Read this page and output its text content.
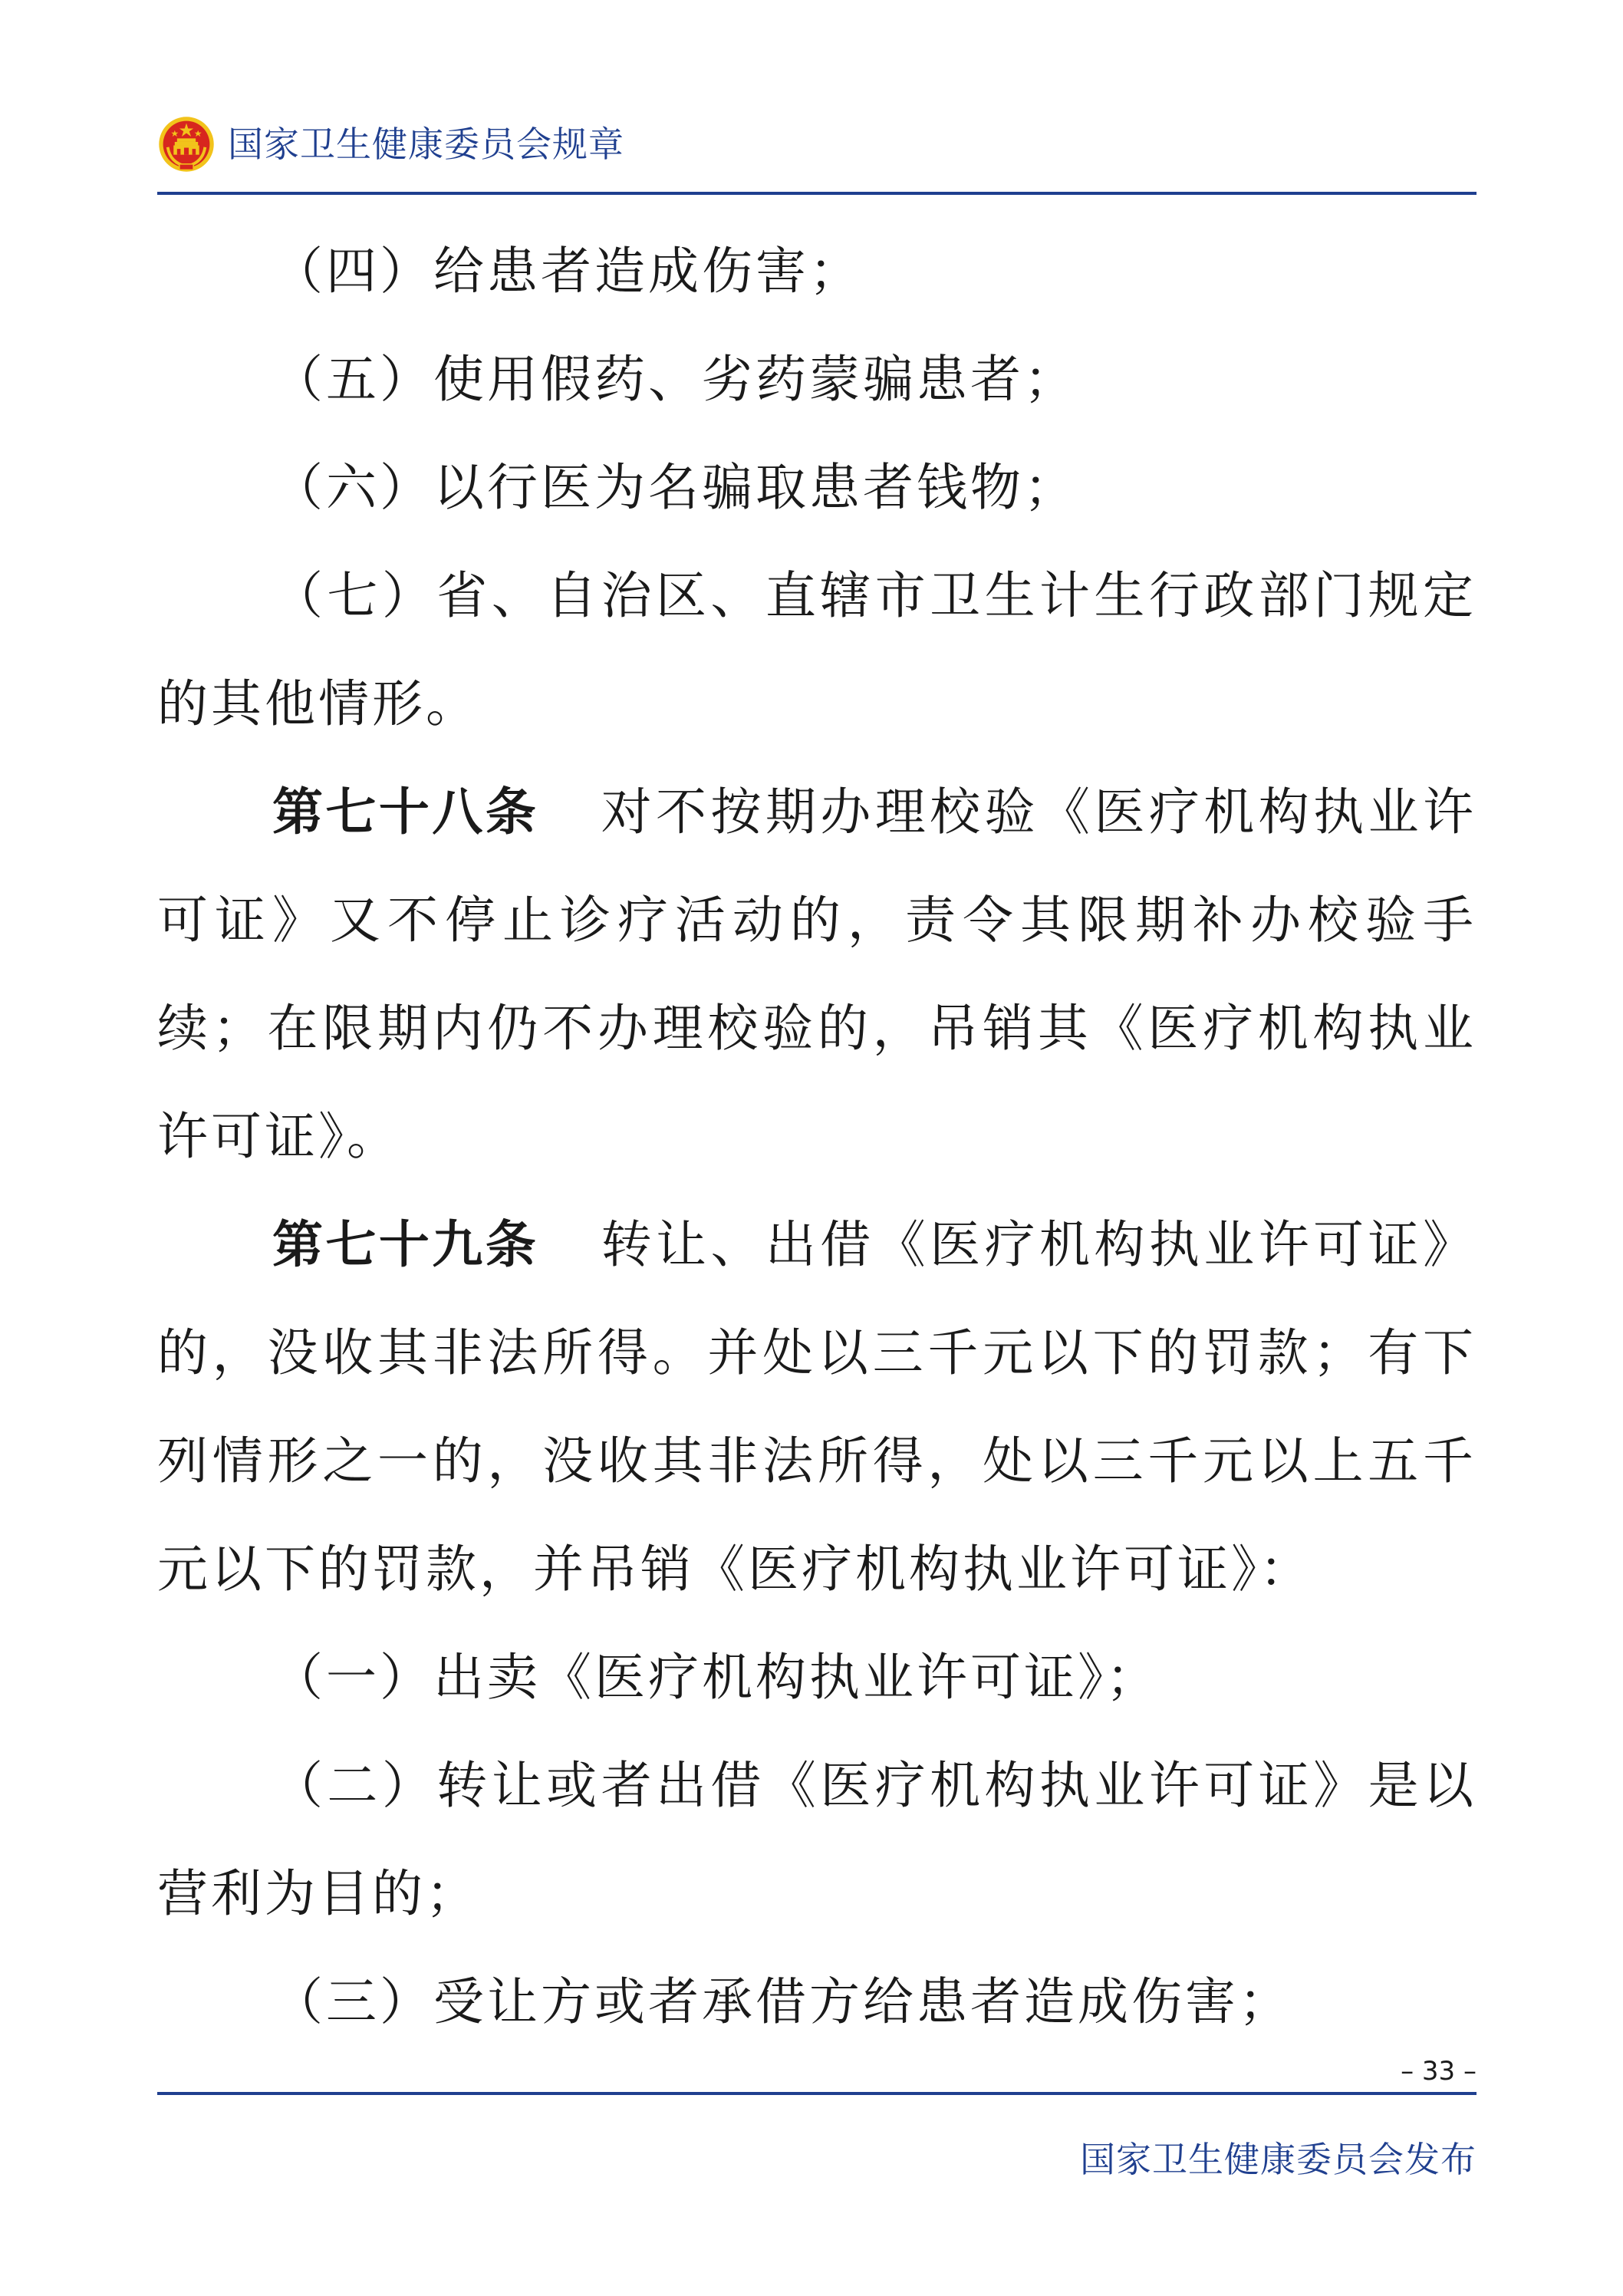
国家卫生健康委员会规章

（四）给患者造成伤害；

（五）使用假药、劣药蒙骗患者；

（六）以行医为名骗取患者钱物；

（七）省、自治区、直辖市卫生计生行政部门规定的其他情形。

第七十八条 对不按期办理校验《医疗机构执业许可证》又不停止诊疗活动的，责令其限期补办校验手续；在限期内仍不办理校验的，吊销其《医疗机构执业许可证》。

第七十九条 转让、出借《医疗机构执业许可证》的，没收其非法所得。并处以三千元以下的罚款；有下列情形之一的，没收其非法所得，处以三千元以上五千元以下的罚款，并吊销《医疗机构执业许可证》：

（一）出卖《医疗机构执业许可证》；

（二）转让或者出借《医疗机构执业许可证》是以营利为目的；

（三）受让方或者承借方给患者造成伤害；

– 33 –
国家卫生健康委员会发布
